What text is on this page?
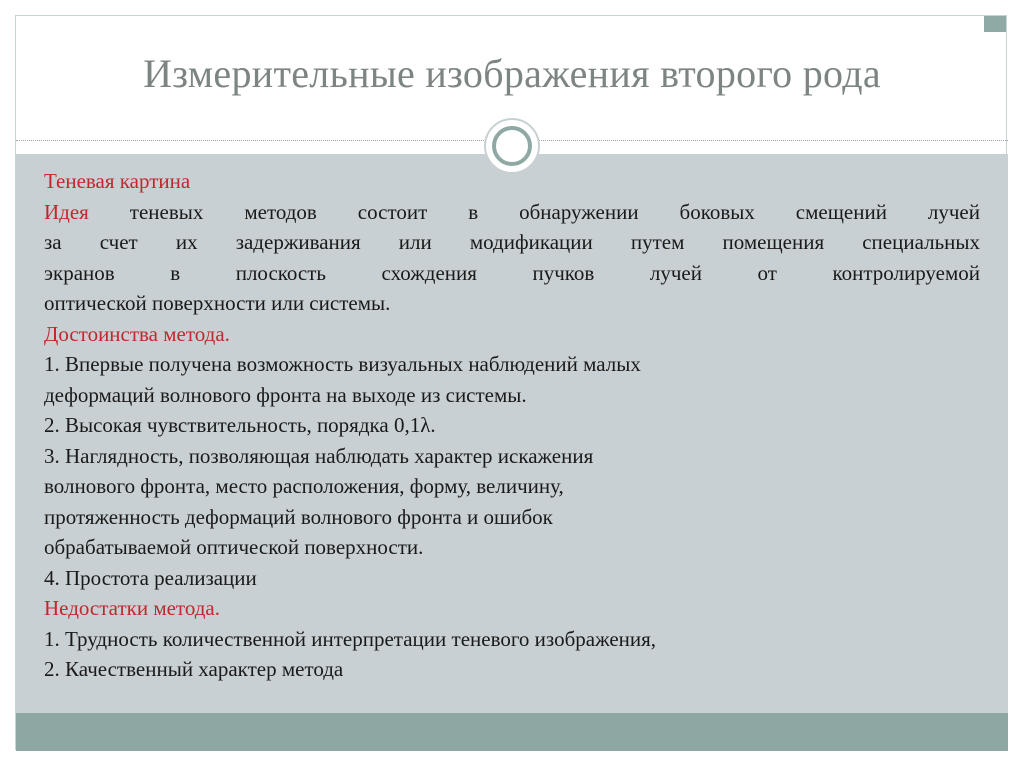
Измерительные изображения второго рода
Теневая картина
Идея теневых методов состоит в обнаружении боковых смещений лучей
за счет их задерживания или модификации путем помещения специальных
экранов в плоскость схождения пучков лучей от контролируемой
оптической поверхности или системы.
Достоинства метода.
1. Впервые получена возможность визуальных наблюдений малых
деформаций волнового фронта на выходе из системы.
2. Высокая чувствительность, порядка 0,1λ.
3. Наглядность, позволяющая наблюдать характер искажения
волнового фронта, место расположения, форму, величину,
протяженность деформаций волнового фронта и ошибок
обрабатываемой оптической поверхности.
4. Простота реализации
Недостатки метода.
1. Трудность количественной интерпретации теневого изображения,
2. Качественный характер метода
